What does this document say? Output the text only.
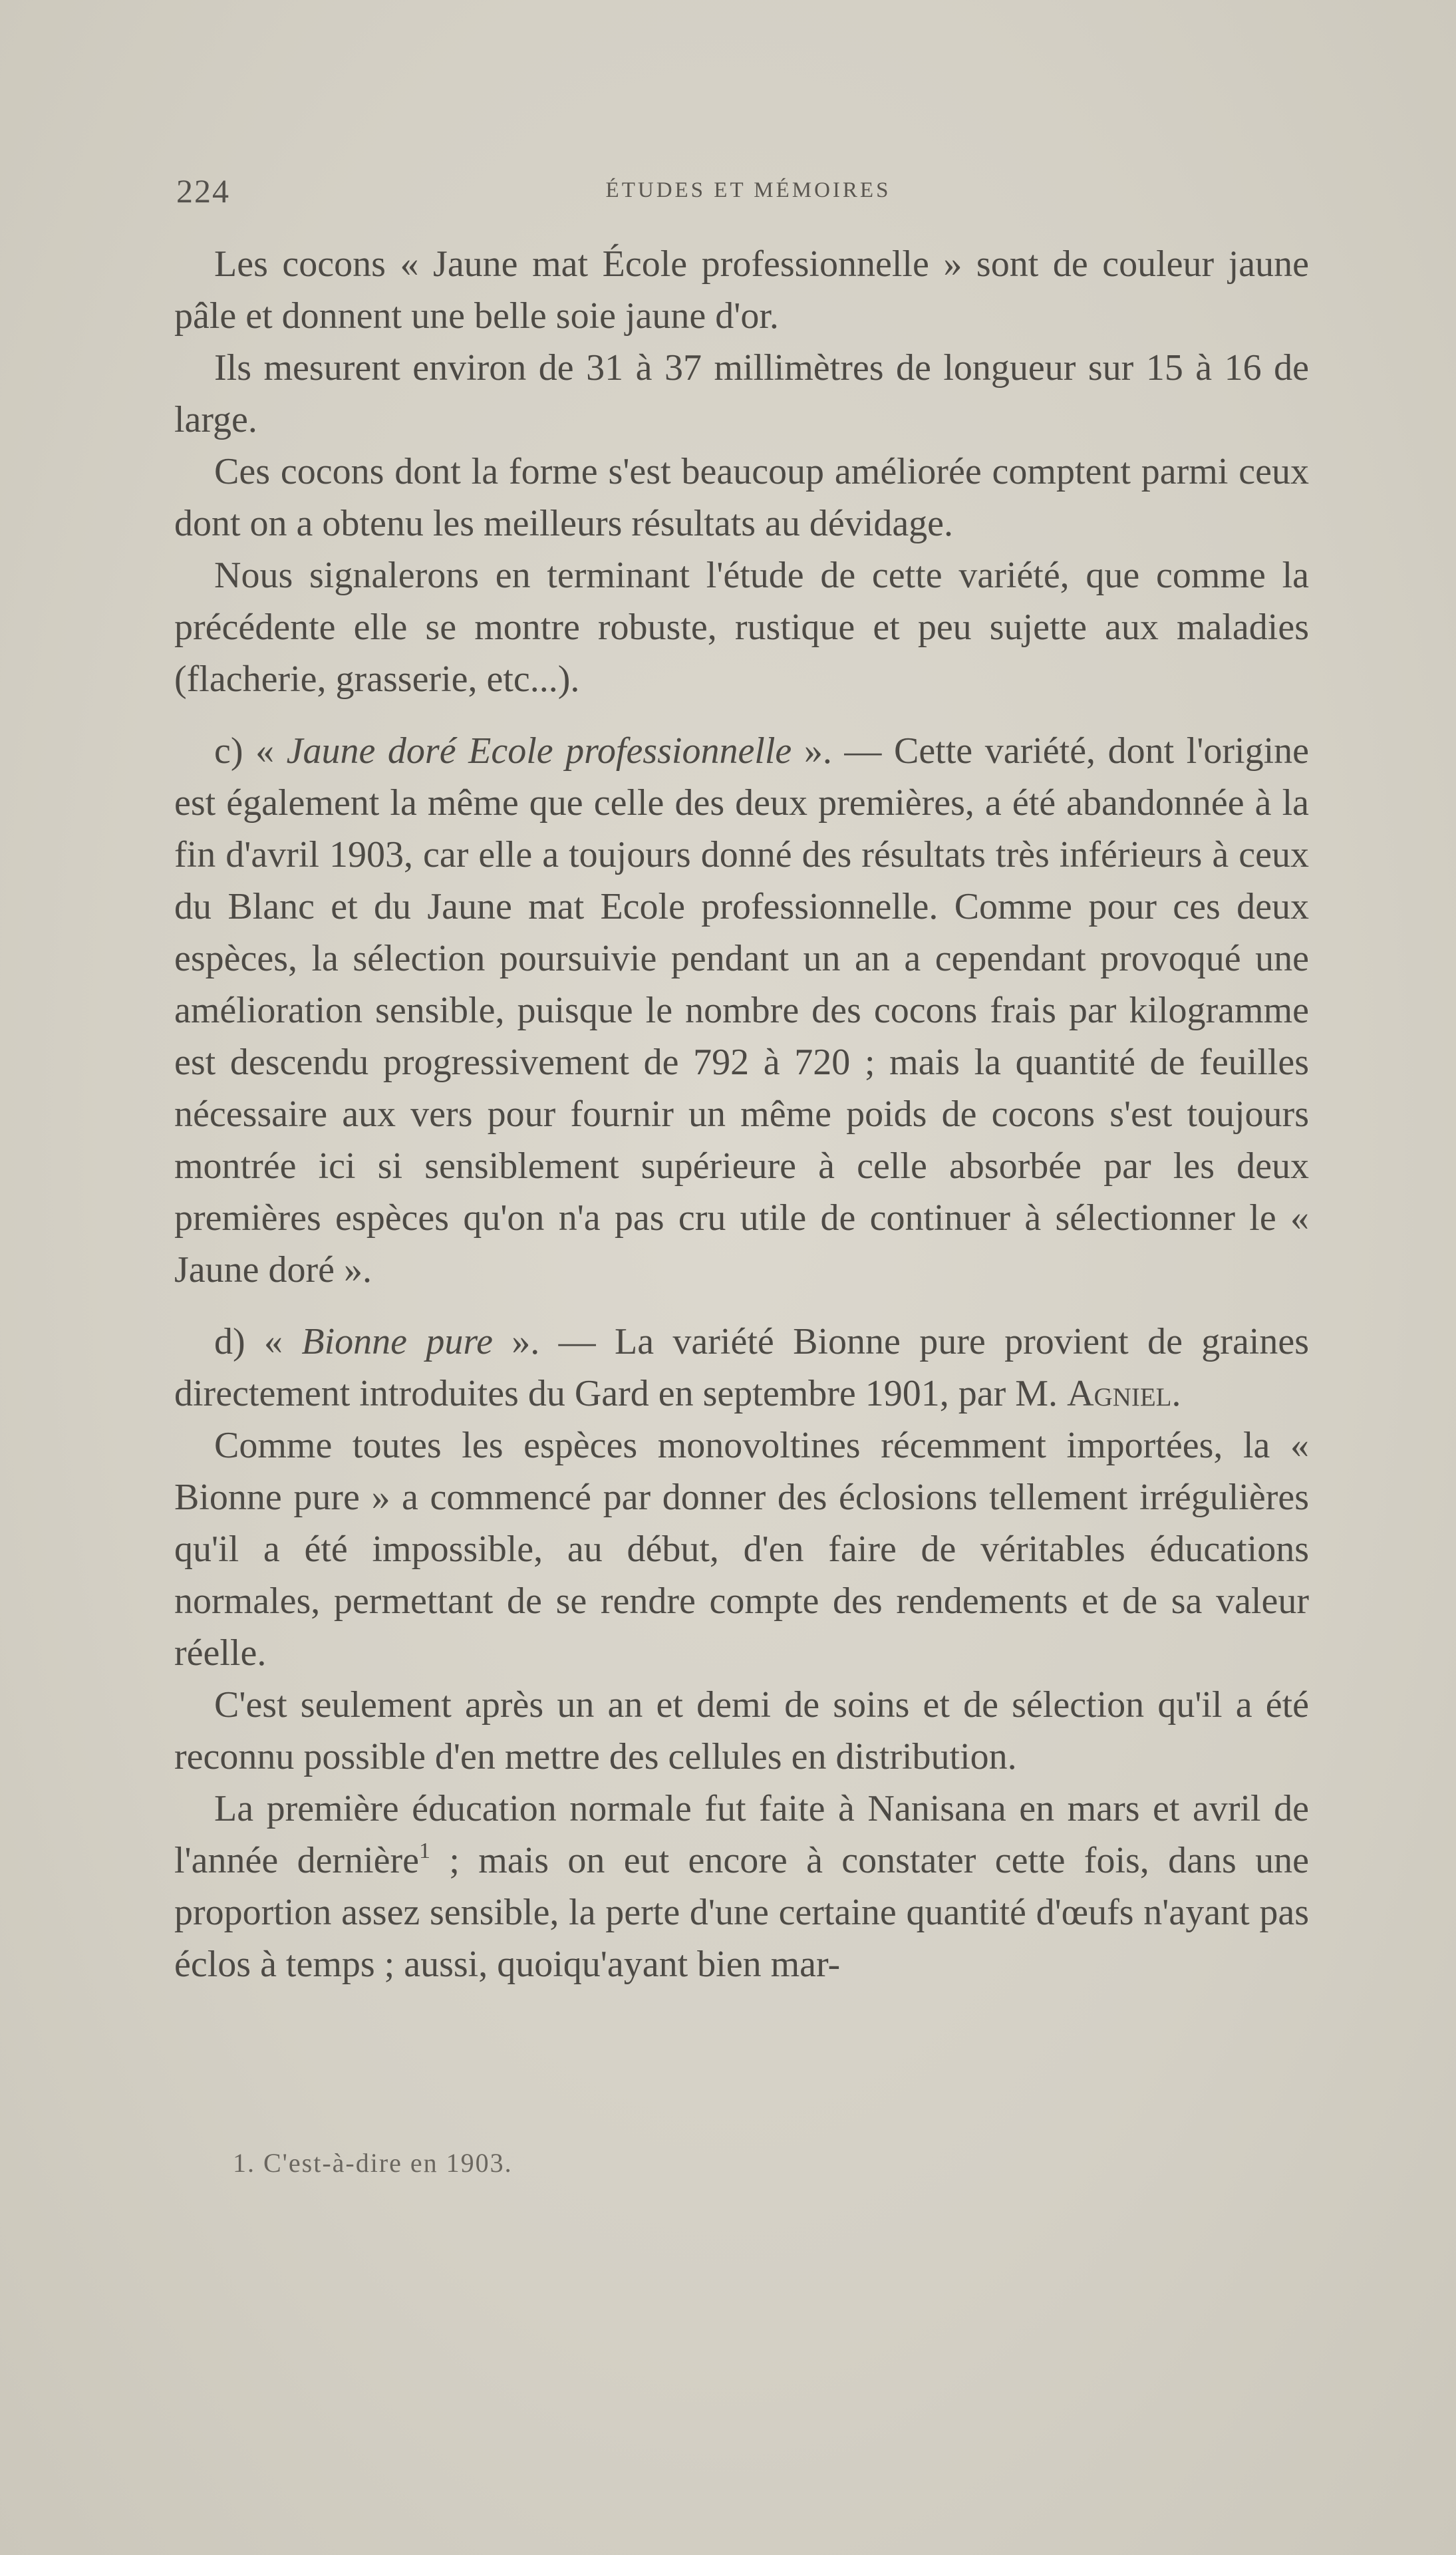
224	ÉTUDES ET MÉMOIRES

Les cocons « Jaune mat École professionnelle » sont de couleur jaune pâle et donnent une belle soie jaune d'or.

Ils mesurent environ de 31 à 37 millimètres de longueur sur 15 à 16 de large.

Ces cocons dont la forme s'est beaucoup améliorée comptent parmi ceux dont on a obtenu les meilleurs résultats au dévidage.

Nous signalerons en terminant l'étude de cette variété, que comme la précédente elle se montre robuste, rustique et peu sujette aux maladies (flacherie, grasserie, etc...).

c) « Jaune doré Ecole professionnelle ». — Cette variété, dont l'origine est également la même que celle des deux premières, a été abandonnée à la fin d'avril 1903, car elle a toujours donné des résultats très inférieurs à ceux du Blanc et du Jaune mat Ecole professionnelle. Comme pour ces deux espèces, la sélection poursuivie pendant un an a cependant provoqué une amélioration sensible, puisque le nombre des cocons frais par kilogramme est descendu progressivement de 792 à 720 ; mais la quantité de feuilles nécessaire aux vers pour fournir un même poids de cocons s'est toujours montrée ici si sensiblement supérieure à celle absorbée par les deux premières espèces qu'on n'a pas cru utile de continuer à sélectionner le « Jaune doré ».

d) « Bionne pure ». — La variété Bionne pure provient de graines directement introduites du Gard en septembre 1901, par M. Agniel.

Comme toutes les espèces monovoltines récemment importées, la « Bionne pure » a commencé par donner des éclosions tellement irrégulières qu'il a été impossible, au début, d'en faire de véritables éducations normales, permettant de se rendre compte des rendements et de sa valeur réelle.

C'est seulement après un an et demi de soins et de sélection qu'il a été reconnu possible d'en mettre des cellules en distribution.

La première éducation normale fut faite à Nanisana en mars et avril de l'année dernière$^1$ ; mais on eut encore à constater cette fois, dans une proportion assez sensible, la perte d'une certaine quantité d'œufs n'ayant pas éclos à temps ; aussi, quoiqu'ayant bien mar-

1. C'est-à-dire en 1903.
